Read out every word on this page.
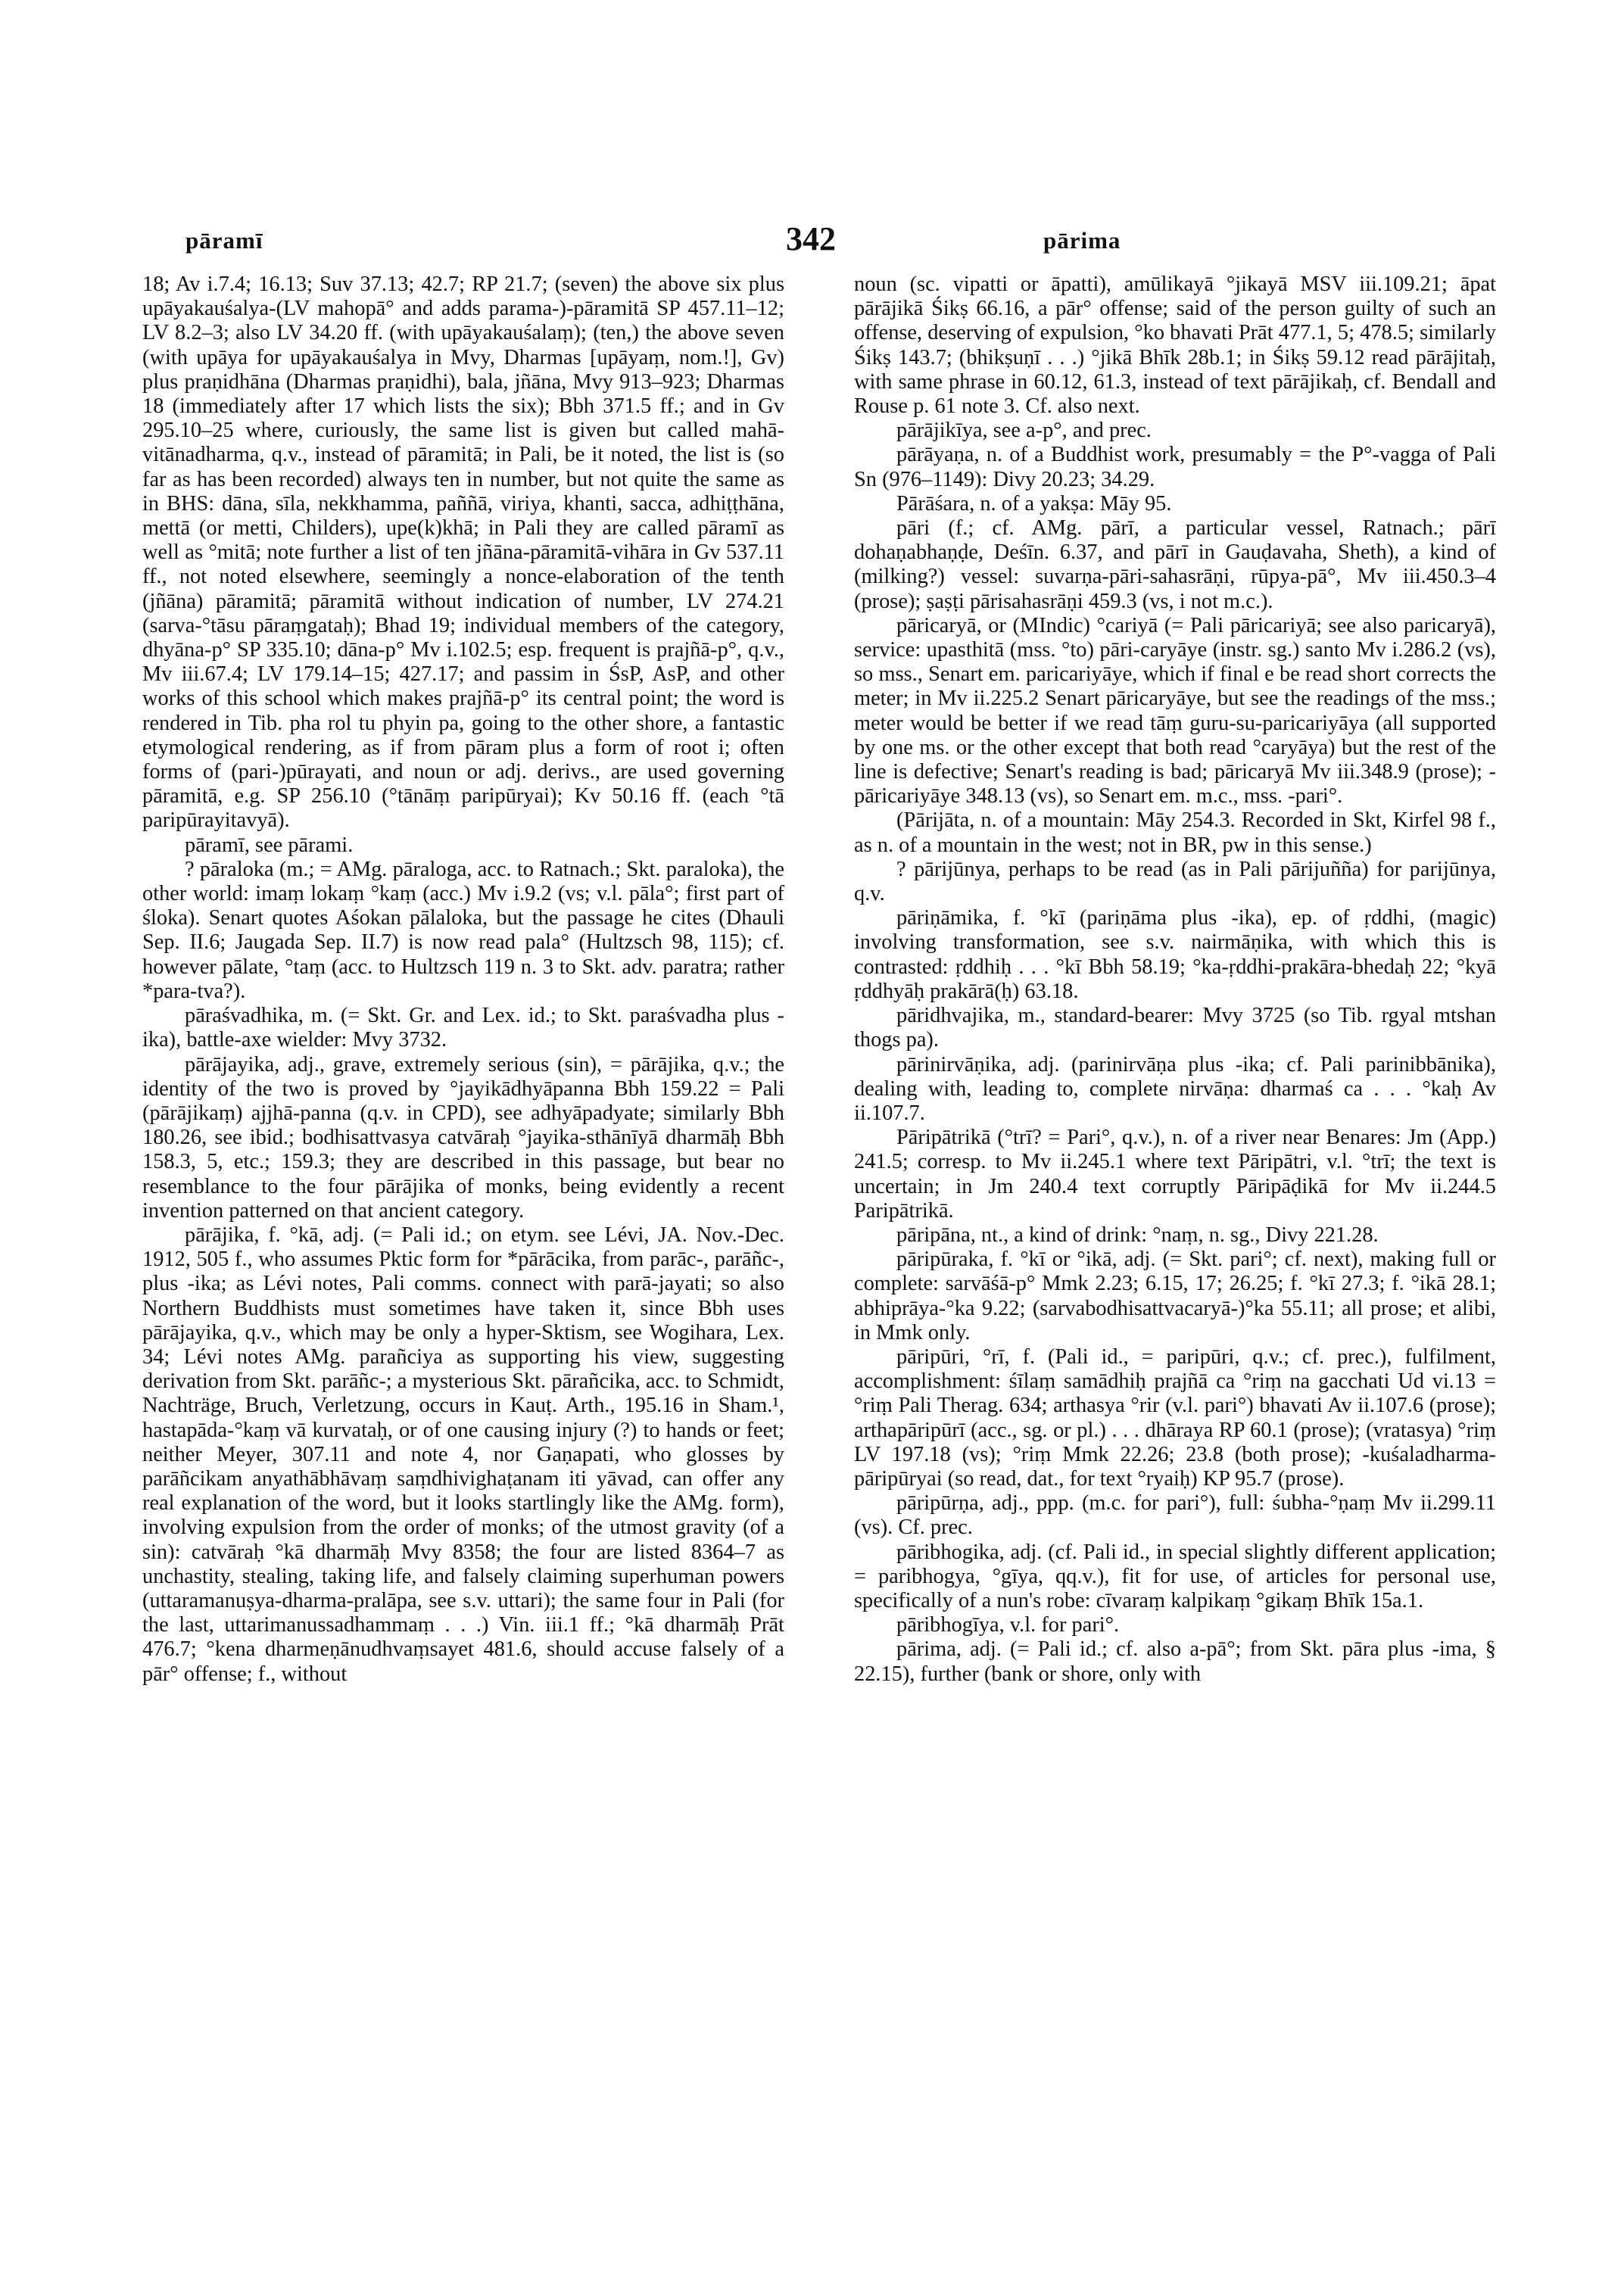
pāramī	342	pārima

18; Av i.7.4; 16.13; Suv 37.13; 42.7; RP 21.7; (seven) the above six plus upāyakauśalya-(LV mahopā° and adds parama-)-pāramitā SP 457.11–12; LV 8.2–3; also LV 34.20 ff. (with upāyakauśalaṃ); (ten,) the above seven (with upāya for upāyakauśalya in Mvy, Dharmas [upāyaṃ, nom.!], Gv) plus praṇidhāna (Dharmas praṇidhi), bala, jñāna, Mvy 913–923; Dharmas 18 (immediately after 17 which lists the six); Bbh 371.5 ff.; and in Gv 295.10–25 where, curiously, the same list is given but called mahā-vitānadharma, q.v., instead of pāramitā; in Pali, be it noted, the list is (so far as has been recorded) always ten in number, but not quite the same as in BHS: dāna, sīla, nekkhamma, paññā, viriya, khanti, sacca, adhiṭṭhāna, mettā (or metti, Childers), upe(k)khā; in Pali they are called pāramī as well as °mitā; note further a list of ten jñāna-pāramitā-vihāra in Gv 537.11 ff., not noted elsewhere, seemingly a nonce-elaboration of the tenth (jñāna) pāramitā; pāramitā without indication of number, LV 274.21 (sarva-°tāsu pāraṃgataḥ); Bhad 19; individual members of the category, dhyāna-p° SP 335.10; dāna-p° Mv i.102.5; esp. frequent is prajñā-p°, q.v., Mv iii.67.4; LV 179.14–15; 427.17; and passim in ŚsP, AsP, and other works of this school which makes prajñā-p° its central point; the word is rendered in Tib. pha rol tu phyin pa, going to the other shore, a fantastic etymological rendering, as if from pāram plus a form of root i; often forms of (pari-)pūrayati, and noun or adj. derivs., are used governing pāramitā, e.g. SP 256.10 (°tānāṃ paripūryai); Kv 50.16 ff. (each °tā paripūrayitavyā).

pāramī, see pārami.

? pāraloka (m.; = AMg. pāraloga, acc. to Ratnach.; Skt. paraloka), the other world: imaṃ lokaṃ °kaṃ (acc.) Mv i.9.2 (vs; v.l. pāla°; first part of śloka). Senart quotes Aśokan pālaloka, but the passage he cites (Dhauli Sep. II.6; Jaugada Sep. II.7) is now read pala° (Hultzsch 98, 115); cf. however pālate, °taṃ (acc. to Hultzsch 119 n. 3 to Skt. adv. paratra; rather *para-tva?).

pāraśvadhika, m. (= Skt. Gr. and Lex. id.; to Skt. paraśvadha plus -ika), battle-axe wielder: Mvy 3732.

pārājayika, adj., grave, extremely serious (sin), = pārājika, q.v.; the identity of the two is proved by °jayikādhyāpanna Bbh 159.22 = Pali (pārājikaṃ) ajjhā-panna (q.v. in CPD), see adhyāpadyate; similarly Bbh 180.26, see ibid.; bodhisattvasya catvāraḥ °jayika-sthānīyā dharmāḥ Bbh 158.3, 5, etc.; 159.3; they are described in this passage, but bear no resemblance to the four pārājika of monks, being evidently a recent invention patterned on that ancient category.

pārājika, f. °kā, adj. (= Pali id.; on etym. see Lévi, JA. Nov.-Dec. 1912, 505 f., who assumes Pktic form for *pārācika, from parāc-, parāñc-, plus -ika; as Lévi notes, Pali comms. connect with parā-jayati; so also Northern Buddhists must sometimes have taken it, since Bbh uses pārājayika, q.v., which may be only a hyper-Sktism, see Wogihara, Lex. 34; Lévi notes AMg. parañciya as supporting his view, suggesting derivation from Skt. parāñc-; a mysterious Skt. pārañcika, acc. to Schmidt, Nachträge, Bruch, Verletzung, occurs in Kauṭ. Arth., 195.16 in Sham.¹, hastapāda-°kaṃ vā kurvataḥ, or of one causing injury (?) to hands or feet; neither Meyer, 307.11 and note 4, nor Gaṇapati, who glosses by parāñcikam anyathābhāvaṃ saṃdhivighaṭanam iti yāvad, can offer any real explanation of the word, but it looks startlingly like the AMg. form), involving expulsion from the order of monks; of the utmost gravity (of a sin): catvāraḥ °kā dharmāḥ Mvy 8358; the four are listed 8364–7 as unchastity, stealing, taking life, and falsely claiming superhuman powers (uttaramanuṣya-dharma-pralāpa, see s.v. uttari); the same four in Pali (for the last, uttarimanussadhammaṃ . . .) Vin. iii.1 ff.; °kā dharmāḥ Prāt 476.7; °kena dharmeṇānudhvaṃsayet 481.6, should accuse falsely of a pār° offense; f., without

noun (sc. vipatti or āpatti), amūlikayā °jikayā MSV iii.109.21; āpat pārājikā Śikṣ 66.16, a pār° offense; said of the person guilty of such an offense, deserving of expulsion, °ko bhavati Prāt 477.1, 5; 478.5; similarly Śikṣ 143.7; (bhikṣuṇī . . .) °jikā Bhīk 28b.1; in Śikṣ 59.12 read pārājitaḥ, with same phrase in 60.12, 61.3, instead of text pārājikaḥ, cf. Bendall and Rouse p. 61 note 3. Cf. also next.

pārājikīya, see a-p°, and prec.

pārāyaṇa, n. of a Buddhist work, presumably = the P°-vagga of Pali Sn (976–1149): Divy 20.23; 34.29.

Pārāśara, n. of a yakṣa: Māy 95.

pāri (f.; cf. AMg. pārī, a particular vessel, Ratnach.; pārī dohaṇabhaṇḍe, Deśīn. 6.37, and pārī in Gauḍavaha, Sheth), a kind of (milking?) vessel: suvarṇa-pāri-sahasrāṇi, rūpya-pā°, Mv iii.450.3–4 (prose); ṣaṣṭi pārisahasrāṇi 459.3 (vs, i not m.c.).

pāricaryā, or (MIndic) °cariyā (= Pali pāricariyā; see also paricaryā), service: upasthitā (mss. °to) pāri-caryāye (instr. sg.) santo Mv i.286.2 (vs), so mss., Senart em. paricariyāye, which if final e be read short corrects the meter; in Mv ii.225.2 Senart pāricaryāye, but see the readings of the mss.; meter would be better if we read tāṃ guru-su-paricariyāya (all supported by one ms. or the other except that both read °caryāya) but the rest of the line is defective; Senart's reading is bad; pāricaryā Mv iii.348.9 (prose); -pāricariyāye 348.13 (vs), so Senart em. m.c., mss. -pari°.

(Pārijāta, n. of a mountain: Māy 254.3. Recorded in Skt, Kirfel 98 f., as n. of a mountain in the west; not in BR, pw in this sense.)

? pārijūnya, perhaps to be read (as in Pali pārijuñña) for parijūnya, q.v.

pāriṇāmika, f. °kī (pariṇāma plus -ika), ep. of ṛddhi, (magic) involving transformation, see s.v. nairmāṇika, with which this is contrasted: ṛddhiḥ . . . °kī Bbh 58.19; °ka-ṛddhi-prakāra-bhedaḥ 22; °kyā ṛddhyāḥ prakārā(ḥ) 63.18.

pāridhvajika, m., standard-bearer: Mvy 3725 (so Tib. rgyal mtshan thogs pa).

pārinirvāṇika, adj. (parinirvāṇa plus -ika; cf. Pali parinibbānika), dealing with, leading to, complete nirvāṇa: dharmaś ca . . . °kaḥ Av ii.107.7.

Pāripātrikā (°trī? = Pari°, q.v.), n. of a river near Benares: Jm (App.) 241.5; corresp. to Mv ii.245.1 where text Pāripātri, v.l. °trī; the text is uncertain; in Jm 240.4 text corruptly Pāripāḍikā for Mv ii.244.5 Paripātrikā.

pāripāna, nt., a kind of drink: °naṃ, n. sg., Divy 221.28.

pāripūraka, f. °kī or °ikā, adj. (= Skt. pari°; cf. next), making full or complete: sarvāśā-p° Mmk 2.23; 6.15, 17; 26.25; f. °kī 27.3; f. °ikā 28.1; abhiprāya-°ka 9.22; (sarvabodhisattvacaryā-)°ka 55.11; all prose; et alibi, in Mmk only.

pāripūri, °rī, f. (Pali id., = paripūri, q.v.; cf. prec.), fulfilment, accomplishment: śīlaṃ samādhiḥ prajñā ca °riṃ na gacchati Ud vi.13 = °riṃ Pali Therag. 634; arthasya °rir (v.l. pari°) bhavati Av ii.107.6 (prose); arthapāripūrī (acc., sg. or pl.) . . . dhāraya RP 60.1 (prose); (vratasya) °riṃ LV 197.18 (vs); °riṃ Mmk 22.26; 23.8 (both prose); -kuśaladharma-pāripūryai (so read, dat., for text °ryaiḥ) KP 95.7 (prose).

pāripūrṇa, adj., ppp. (m.c. for pari°), full: śubha-°ṇaṃ Mv ii.299.11 (vs). Cf. prec.

pāribhogika, adj. (cf. Pali id., in special slightly different application; = paribhogya, °gīya, qq.v.), fit for use, of articles for personal use, specifically of a nun's robe: cīvaraṃ kalpikaṃ °gikaṃ Bhīk 15a.1.

pāribhogīya, v.l. for pari°.

pārima, adj. (= Pali id.; cf. also a-pā°; from Skt. pāra plus -ima, § 22.15), further (bank or shore, only with
